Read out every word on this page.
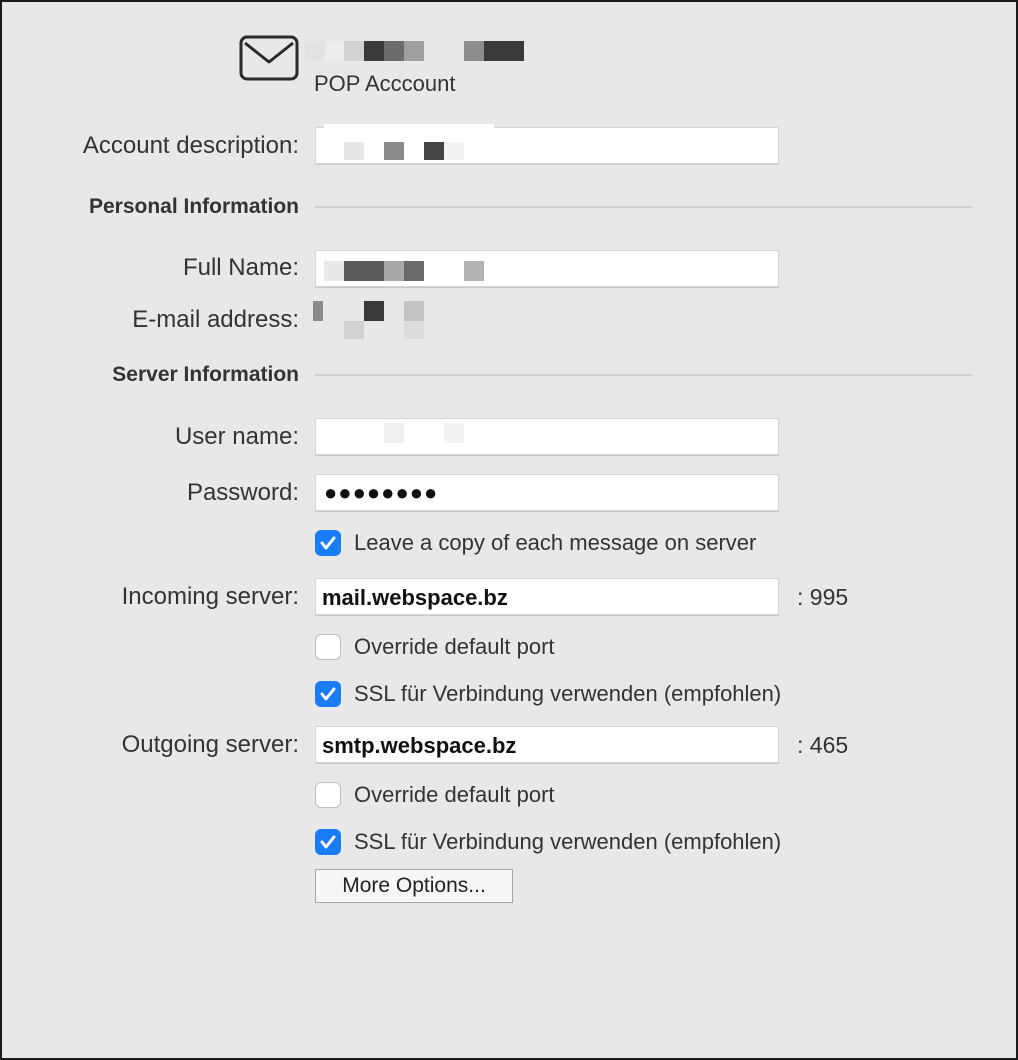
POP Acccount
Account description:
Personal Information
Full Name:
E-mail address:
Server Information
User name:
Password: ●●●●●●●●
Leave a copy of each message on server
Incoming server: mail.webspace.bz	: 995
Override default port
SSL für Verbindung verwenden (empfohlen)
Outgoing server: smtp.webspace.bz	: 465
Override default port
SSL für Verbindung verwenden (empfohlen)
More Options...
